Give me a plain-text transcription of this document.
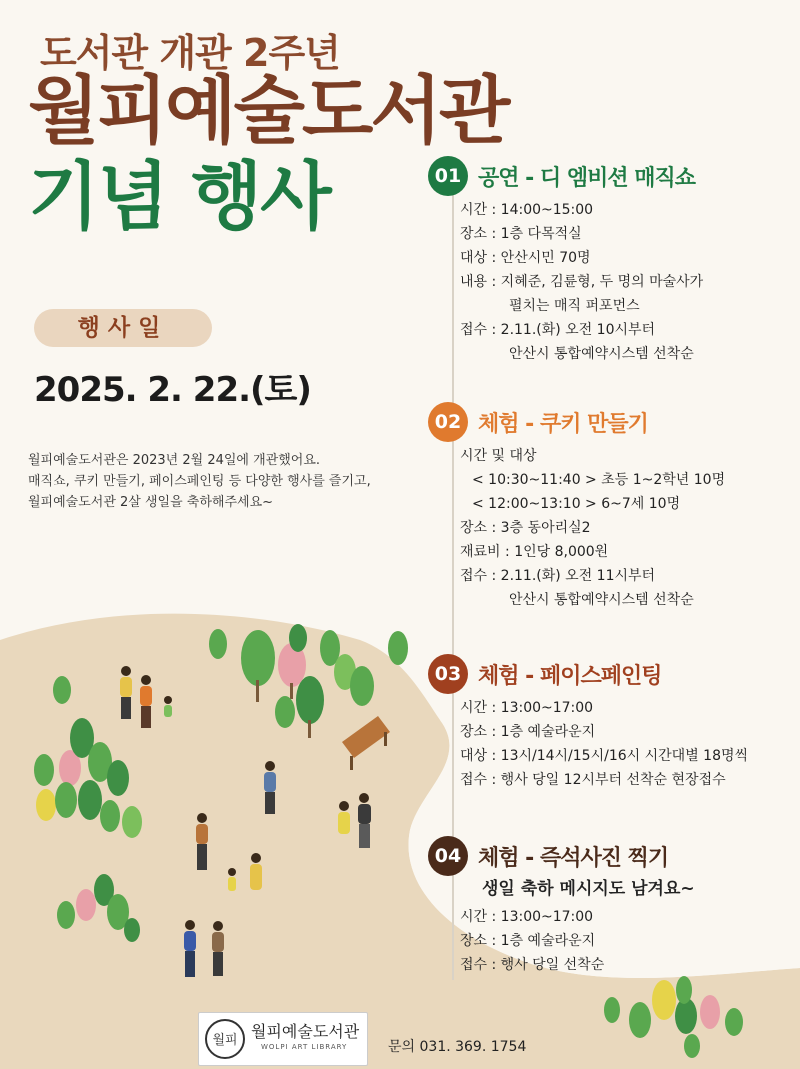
도서관 개관 2주년
월피예술도서관
기념 행사
행사일
2025. 2. 22.(토)
월피예술도서관은 2023년 2월 24일에 개관했어요.
매직쇼, 쿠키 만들기, 페이스페인팅 등 다양한 행사를 즐기고,
월피예술도서관 2살 생일을 축하해주세요~
01 공연 - 디 엠비션 매직쇼
시간 : 14:00~15:00
장소 : 1층 다목적실
대상 : 안산시민 70명
내용 : 지혜준, 김륜형, 두 명의 마술사가
펼치는 매직 퍼포먼스
접수 : 2.11.(화) 오전 10시부터
안산시 통합예약시스템 선착순
02 체험 - 쿠키 만들기
시간 및 대상
< 10:30~11:40 > 초등 1~2학년 10명
< 12:00~13:10 > 6~7세 10명
장소 : 3층 동아리실2
재료비 : 1인당 8,000원
접수 : 2.11.(화) 오전 11시부터
안산시 통합예약시스템 선착순
03 체험 - 페이스페인팅
시간 : 13:00~17:00
장소 : 1층 예술라운지
대상 : 13시/14시/15시/16시 시간대별 18명씩
접수 : 행사 당일 12시부터 선착순 현장접수
04 체험 - 즉석사진 찍기
생일 축하 메시지도 남겨요~
시간 : 13:00~17:00
장소 : 1층 예술라운지
접수 : 행사 당일 선착순
월피 월피예술도서관
WOLPI ART LIBRARY	문의 031. 369. 1754
